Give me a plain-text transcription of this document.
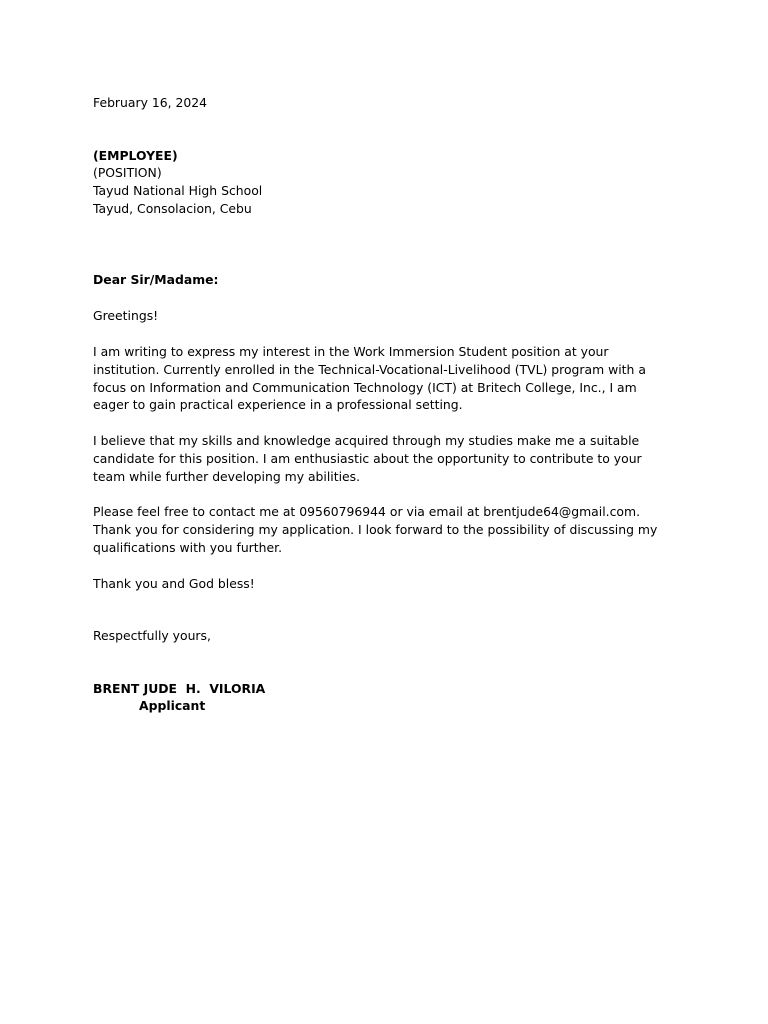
February 16, 2024
(EMPLOYEE)
(POSITION)
Tayud National High School
Tayud, Consolacion, Cebu
Dear Sir/Madame:
Greetings!
I am writing to express my interest in the Work Immersion Student position at your
institution. Currently enrolled in the Technical-Vocational-Livelihood (TVL) program with a
focus on Information and Communication Technology (ICT) at Britech College, Inc., I am
eager to gain practical experience in a professional setting.
I believe that my skills and knowledge acquired through my studies make me a suitable
candidate for this position. I am enthusiastic about the opportunity to contribute to your
team while further developing my abilities.
Please feel free to contact me at 09560796944 or via email at brentjude64@gmail.com.
Thank you for considering my application. I look forward to the possibility of discussing my
qualifications with you further.
Thank you and God bless!
Respectfully yours,
BRENT JUDE  H.  VILORIA
Applicant
